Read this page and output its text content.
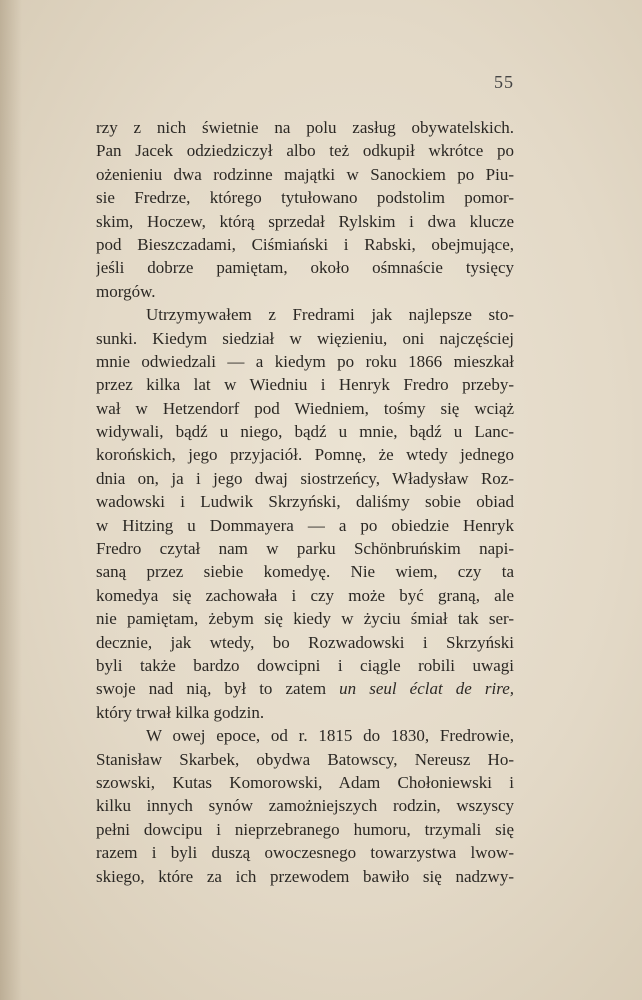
55
rzy z nich świetnie na polu zasług obywatelskich.
Pan Jacek odziedziczył albo też odkupił wkrótce po
ożenieniu dwa rodzinne majątki w Sanockiem po Piu-
sie Fredrze, którego tytułowano podstolim pomor-
skim, Hoczew, którą sprzedał Rylskim i dwa klucze
pod Bieszczadami, Ciśmiański i Rabski, obejmujące,
jeśli dobrze pamiętam, około ośmnaście tysięcy
morgów.
Utrzymywałem z Fredrami jak najlepsze sto-
sunki. Kiedym siedział w więzieniu, oni najczęściej
mnie odwiedzali — a kiedym po roku 1866 mieszkał
przez kilka lat w Wiedniu i Henryk Fredro przeby-
wał w Hetzendorf pod Wiedniem, tośmy się wciąż
widywali, bądź u niego, bądź u mnie, bądź u Lanc-
korońskich, jego przyjaciół. Pomnę, że wtedy jednego
dnia on, ja i jego dwaj siostrzeńcy, Władysław Roz-
wadowski i Ludwik Skrzyński, daliśmy sobie obiad
w Hitzing u Dommayera — a po obiedzie Henryk
Fredro czytał nam w parku Schönbruńskim napi-
saną przez siebie komedyę. Nie wiem, czy ta
komedya się zachowała i czy może być graną, ale
nie pamiętam, żebym się kiedy w życiu śmiał tak ser-
decznie, jak wtedy, bo Rozwadowski i Skrzyński
byli także bardzo dowcipni i ciągle robili uwagi
swoje nad nią, był to zatem un seul éclat de rire,
który trwał kilka godzin.
W owej epoce, od r. 1815 do 1830, Fredrowie,
Stanisław Skarbek, obydwa Batowscy, Nereusz Ho-
szowski, Kutas Komorowski, Adam Chołoniewski i
kilku innych synów zamożniejszych rodzin, wszyscy
pełni dowcipu i nieprzebranego humoru, trzymali się
razem i byli duszą owoczesnego towarzystwa lwow-
skiego, które za ich przewodem bawiło się nadzwy-
